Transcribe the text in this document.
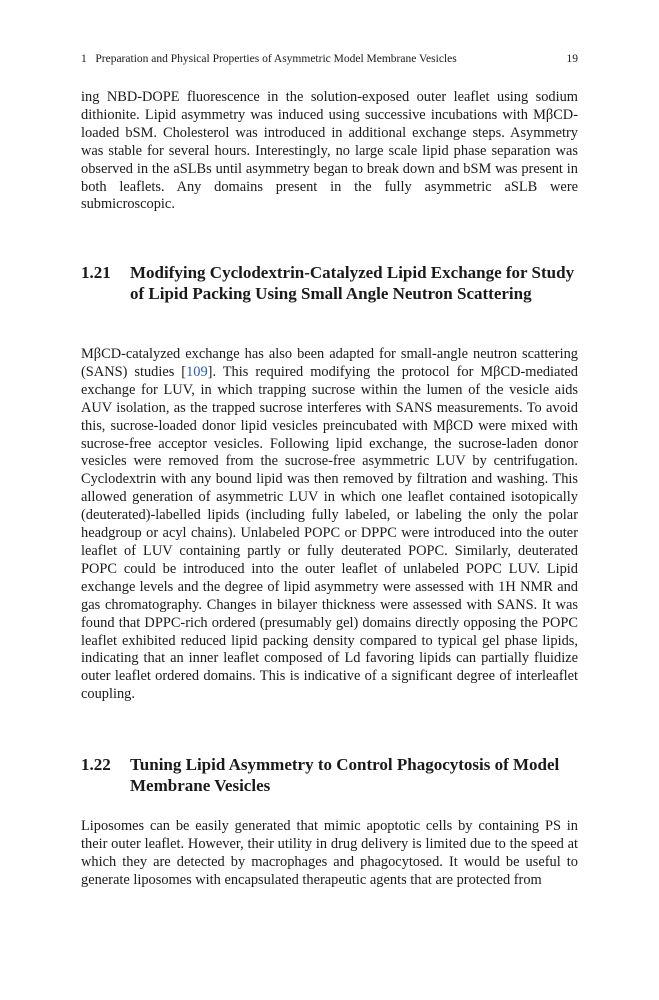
1   Preparation and Physical Properties of Asymmetric Model Membrane Vesicles	19

ing NBD-DOPE fluorescence in the solution-exposed outer leaflet using sodium dithionite. Lipid asymmetry was induced using successive incubations with MβCD-loaded bSM. Cholesterol was introduced in additional exchange steps. Asymmetry was stable for several hours. Interestingly, no large scale lipid phase separation was observed in the aSLBs until asymmetry began to break down and bSM was present in both leaflets. Any domains present in the fully asymmetric aSLB were submicroscopic.

1.21 Modifying Cyclodextrin-Catalyzed Lipid Exchange for Study of Lipid Packing Using Small Angle Neutron Scattering

MβCD-catalyzed exchange has also been adapted for small-angle neutron scattering (SANS) studies [109]. This required modifying the protocol for MβCD-mediated exchange for LUV, in which trapping sucrose within the lumen of the vesicle aids AUV isolation, as the trapped sucrose interferes with SANS measurements. To avoid this, sucrose-loaded donor lipid vesicles preincubated with MβCD were mixed with sucrose-free acceptor vesicles. Following lipid exchange, the sucrose-laden donor vesicles were removed from the sucrose-free asymmetric LUV by centrifugation. Cyclodextrin with any bound lipid was then removed by filtration and washing. This allowed generation of asymmetric LUV in which one leaflet contained isotopically (deuterated)-labelled lipids (including fully labeled, or labeling the only the polar headgroup or acyl chains). Unlabeled POPC or DPPC were introduced into the outer leaflet of LUV containing partly or fully deuterated POPC. Similarly, deuterated POPC could be introduced into the outer leaflet of unlabeled POPC LUV. Lipid exchange levels and the degree of lipid asymmetry were assessed with 1H NMR and gas chromatography. Changes in bilayer thickness were assessed with SANS. It was found that DPPC-rich ordered (presumably gel) domains directly opposing the POPC leaflet exhibited reduced lipid packing density compared to typical gel phase lipids, indicating that an inner leaflet composed of Ld favoring lipids can partially fluidize outer leaflet ordered domains. This is indicative of a significant degree of interleaflet coupling.

1.22 Tuning Lipid Asymmetry to Control Phagocytosis of Model Membrane Vesicles

Liposomes can be easily generated that mimic apoptotic cells by containing PS in their outer leaflet. However, their utility in drug delivery is limited due to the speed at which they are detected by macrophages and phagocytosed. It would be useful to generate liposomes with encapsulated therapeutic agents that are protected from
